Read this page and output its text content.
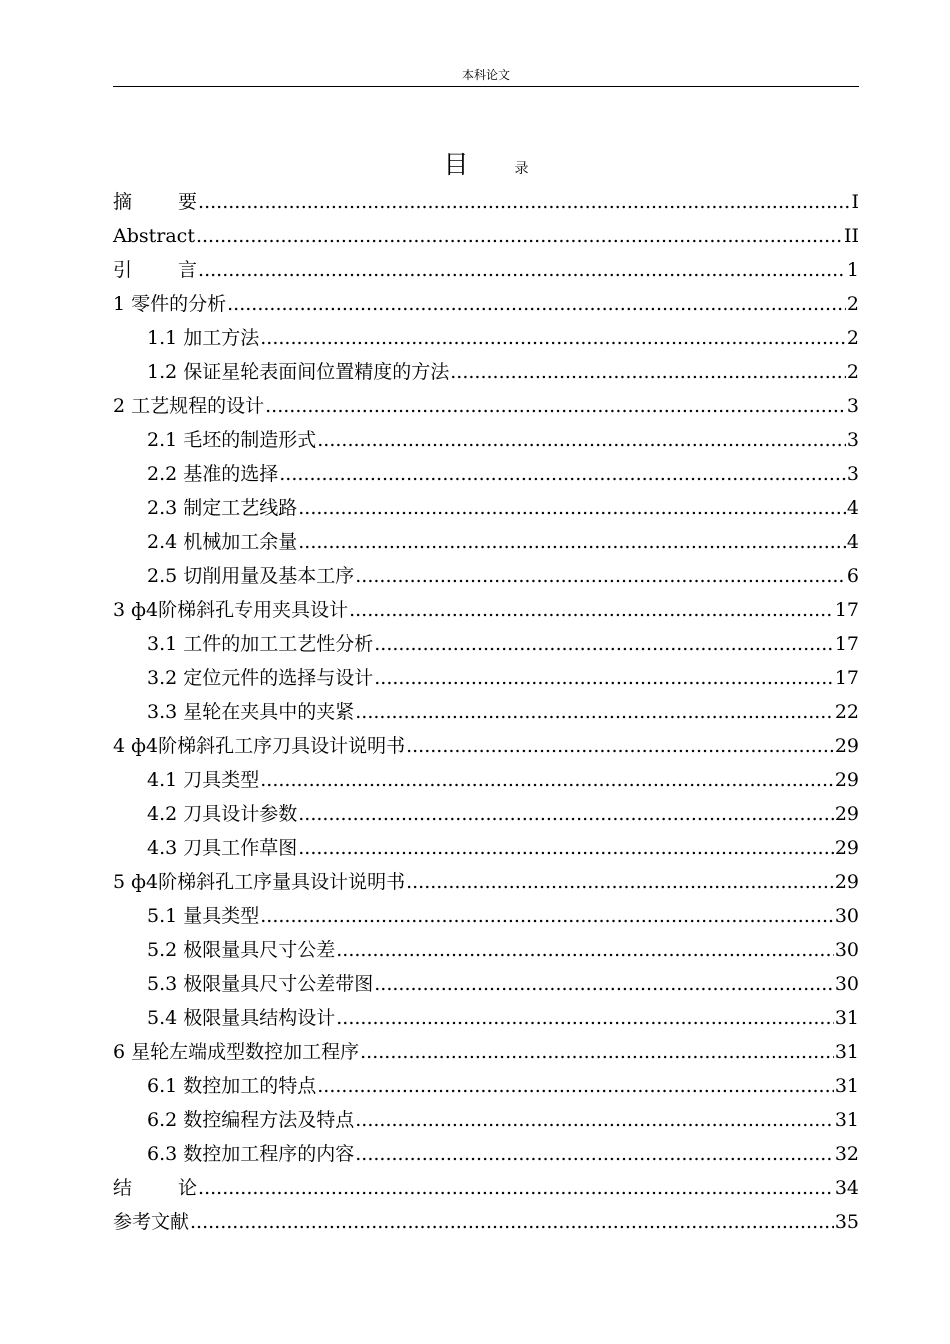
本科论文
目	录
摘要 .....	I
Abstract .....	II
引言 .....	1
1 零件的分析 .....	2
1.1 加工方法 .....	2
1.2 保证星轮表面间位置精度的方法 .....	2
2 工艺规程的设计 .....	3
2.1 毛坯的制造形式 .....	3
2.2 基准的选择 .....	3
2.3 制定工艺线路 .....	4
2.4 机械加工余量 .....	4
2.5 切削用量及基本工序 .....	6
3 ф4阶梯斜孔专用夹具设计 .....	17
3.1 工件的加工工艺性分析 .....	17
3.2 定位元件的选择与设计 .....	17
3.3 星轮在夹具中的夹紧 .....	22
4 ф4阶梯斜孔工序刀具设计说明书 .....	29
4.1 刀具类型 .....	29
4.2 刀具设计参数 .....	29
4.3 刀具工作草图 .....	29
5 ф4阶梯斜孔工序量具设计说明书 .....	29
5.1 量具类型 .....	30
5.2 极限量具尺寸公差 .....	30
5.3 极限量具尺寸公差带图 .....	30
5.4 极限量具结构设计 .....	31
6 星轮左端成型数控加工程序 .....	31
6.1 数控加工的特点 .....	31
6.2 数控编程方法及特点 .....	31
6.3 数控加工程序的内容 .....	32
结论 .....	34
参考文献 .....	35
